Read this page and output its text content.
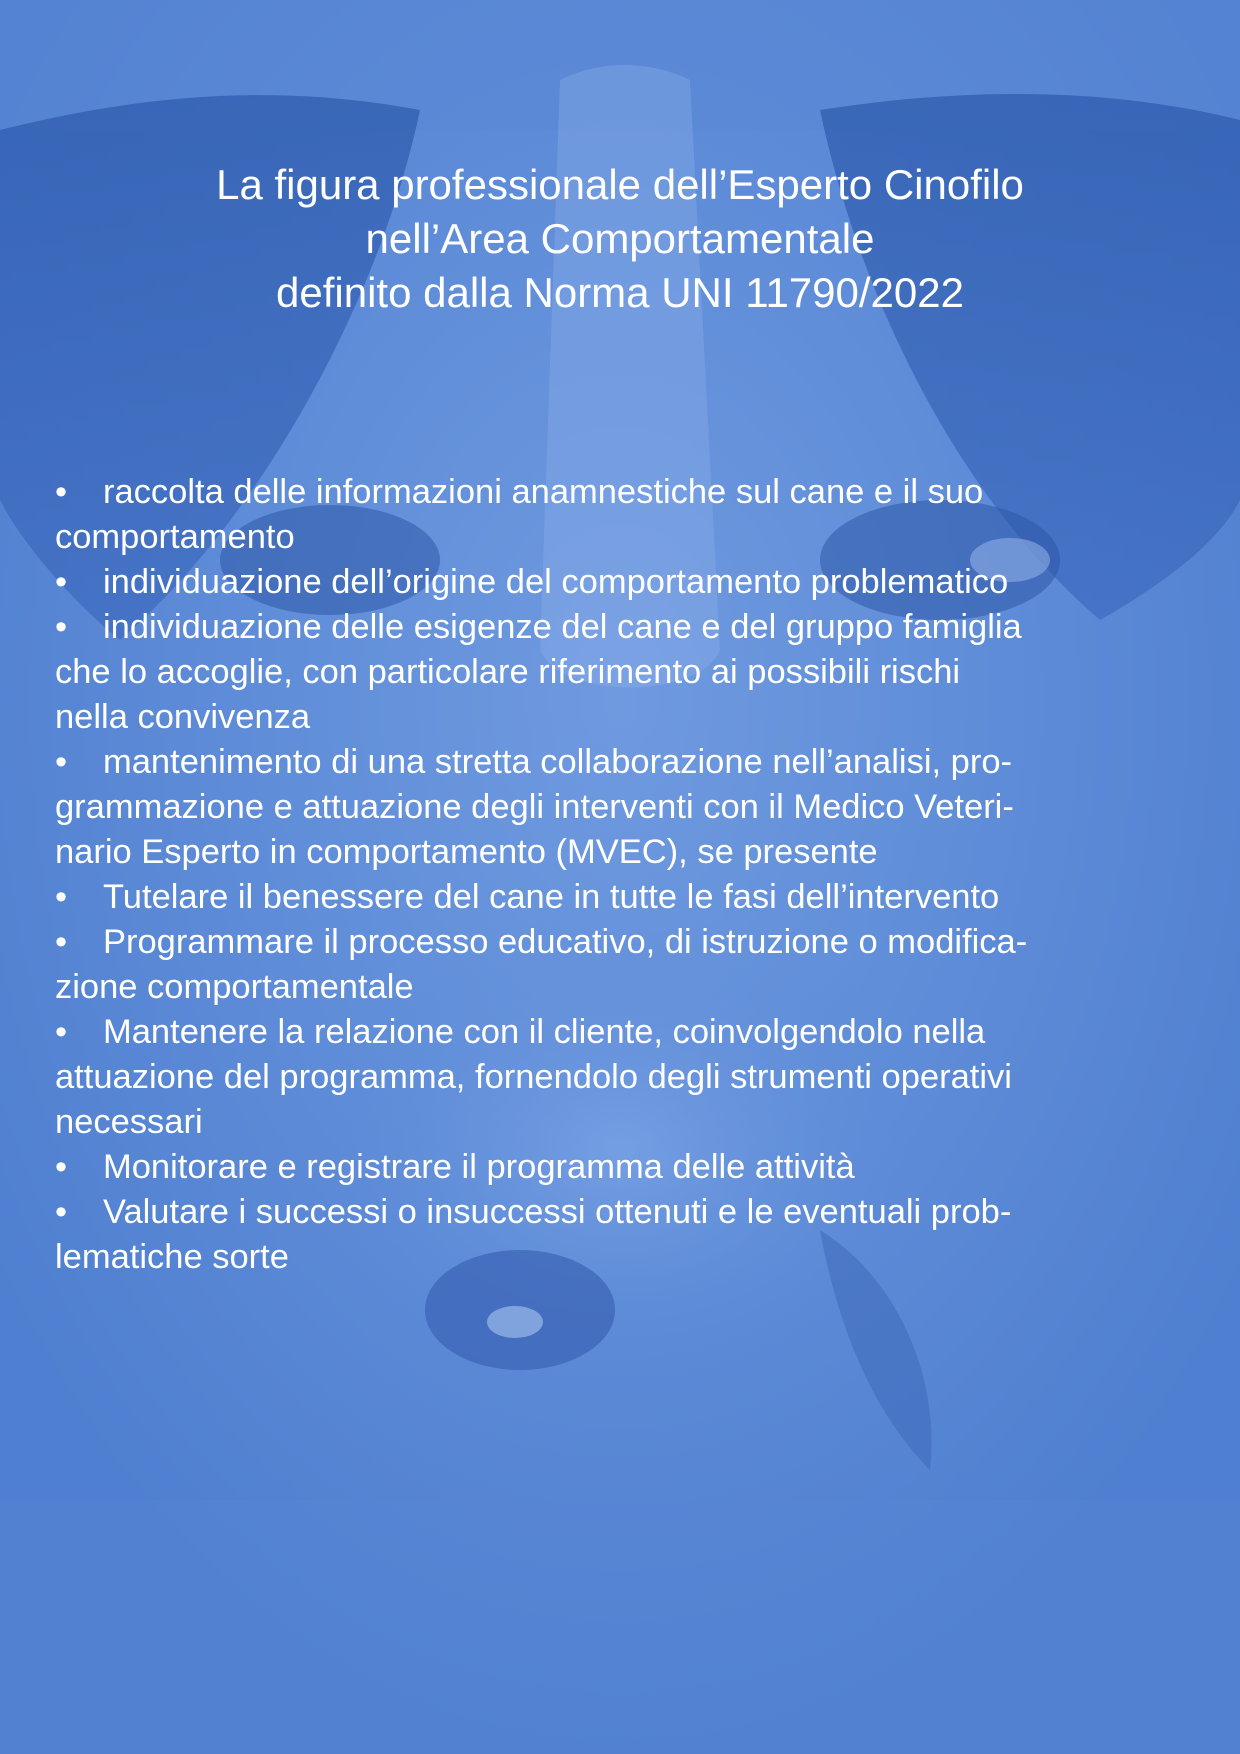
La figura professionale dell’Esperto Cinofilo
nell’Area Comportamentale
definito dalla Norma UNI 11790/2022
• raccolta delle informazioni anamnestiche sul cane e il suo
comportamento
• individuazione dell’origine del comportamento problematico
• individuazione delle esigenze del cane e del gruppo famiglia
che lo accoglie, con particolare riferimento ai possibili rischi
nella convivenza
• mantenimento di una stretta collaborazione nell’analisi, pro-
grammazione e attuazione degli interventi con il Medico Veteri-
nario Esperto in comportamento (MVEC), se presente
• Tutelare il benessere del cane in tutte le fasi dell’intervento
• Programmare il processo educativo, di istruzione o modifica-
zione comportamentale
• Mantenere la relazione con il cliente, coinvolgendolo nella
attuazione del programma, fornendolo degli strumenti operativi
necessari
• Monitorare e registrare il programma delle attività
• Valutare i successi o insuccessi ottenuti e le eventuali prob-
lematiche sorte
